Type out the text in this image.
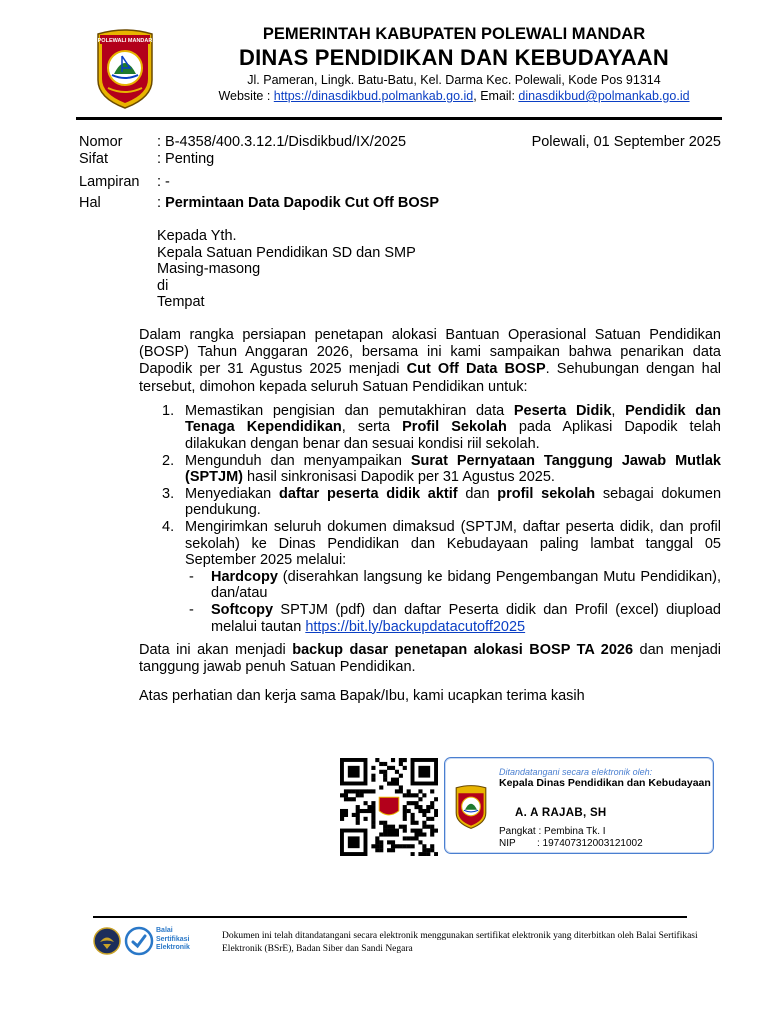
POLEWALI MANDAR	PEMERINTAH KABUPATEN POLEWALI MANDAR
DINAS PENDIDIKAN DAN KEBUDAYAAN
Jl. Pameran, Lingk. Batu-Batu, Kel. Darma Kec. Polewali, Kode Pos 91314
Website : https://dinasdikbud.polmankab.go.id, Email: dinasdikbud@polmankab.go.id
Nomor : B-4358/400.3.12.1/Disdikbud/IX/2025	Polewali, 01 September 2025
Sifat	: Penting
Lampiran : -
Hal	: Permintaan Data Dapodik Cut Off BOSP
Kepada Yth.
Kepala Satuan Pendidikan SD dan SMP
Masing-masong
di
Tempat
Dalam rangka persiapan penetapan alokasi Bantuan Operasional Satuan Pendidikan (BOSP) Tahun Anggaran 2026, bersama ini kami sampaikan bahwa penarikan data Dapodik per 31 Agustus 2025 menjadi Cut Off Data BOSP. Sehubungan dengan hal tersebut, dimohon kepada seluruh Satuan Pendidikan untuk:
1. Memastikan pengisian dan pemutakhiran data Peserta Didik, Pendidik dan Tenaga Kependidikan, serta Profil Sekolah pada Aplikasi Dapodik telah dilakukan dengan benar dan sesuai kondisi riil sekolah.
2. Mengunduh dan menyampaikan Surat Pernyataan Tanggung Jawab Mutlak (SPTJM) hasil sinkronisasi Dapodik per 31 Agustus 2025.
3. Menyediakan daftar peserta didik aktif dan profil sekolah sebagai dokumen pendukung.
4. Mengirimkan seluruh dokumen dimaksud (SPTJM, daftar peserta didik, dan profil sekolah) ke Dinas Pendidikan dan Kebudayaan paling lambat tanggal 05 September 2025 melalui:
- Hardcopy (diserahkan langsung ke bidang Pengembangan Mutu Pendidikan), dan/atau
- Softcopy SPTJM (pdf) dan daftar Peserta didik dan Profil (excel) diupload melalui tautan https://bit.ly/backupdatacutoff2025
Data ini akan menjadi backup dasar penetapan alokasi BOSP TA 2026 dan menjadi tanggung jawab penuh Satuan Pendidikan.
Atas perhatian dan kerja sama Bapak/Ibu, kami ucapkan terima kasih
Ditandatangani secara elektronik oleh:
Kepala Dinas Pendidikan dan Kebudayaan
A. A RAJAB, SH
Pangkat : Pembina Tk. I
NIP : 197407312003121002
Balai
Sertifikasi
Elektronik
Dokumen ini telah ditandatangani secara elektronik menggunakan sertifikat elektronik yang diterbitkan oleh Balai Sertifikasi Elektronik (BSrE), Badan Siber dan Sandi Negara
